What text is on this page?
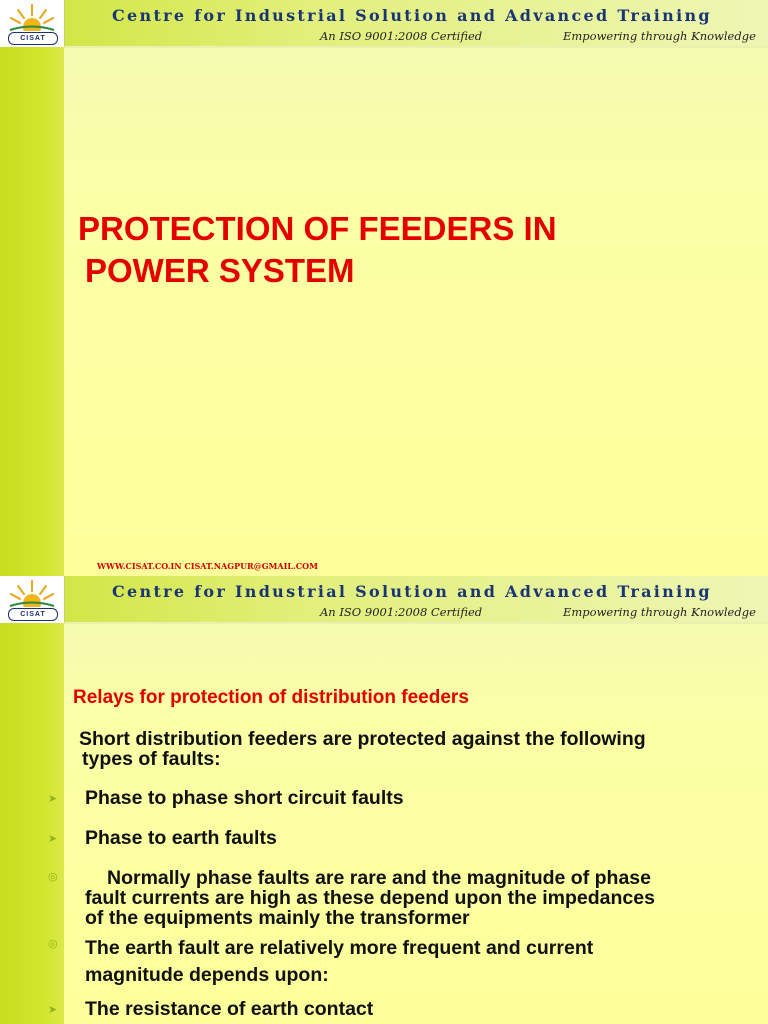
CISAT
Centre for Industrial Solution and Advanced Training
An ISO 9001:2008 Certified	Empowering through Knowledge
PROTECTION OF FEEDERS IN
POWER SYSTEM
WWW.CISAT.CO.IN CISAT.NAGPUR@GMAIL.COM
CISAT
Centre for Industrial Solution and Advanced Training
An ISO 9001:2008 Certified	Empowering through Knowledge
Relays for protection of distribution feeders
Short distribution feeders are protected against the following
types of faults:
➤ Phase to phase short circuit faults
➤ Phase to earth faults
◎	Normally phase faults are rare and the magnitude of phase
fault currents are high as these depend upon the impedances
of the equipments mainly the transformer
◎ The earth fault are relatively more frequent and current
magnitude depends upon:
➤ The resistance of earth contact
